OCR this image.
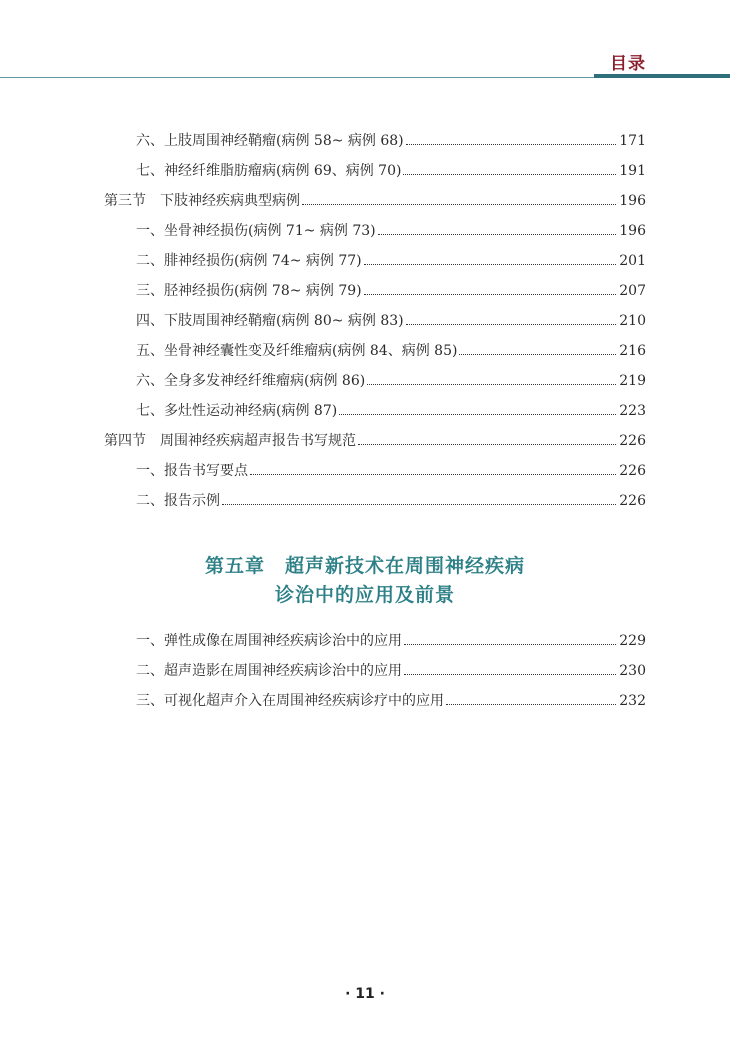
目录
六、上肢周围神经鞘瘤(病例 58~ 病例 68)	171
七、神经纤维脂肪瘤病(病例 69、病例 70)	191
第三节　下肢神经疾病典型病例	196
一、坐骨神经损伤(病例 71~ 病例 73)	196
二、腓神经损伤(病例 74~ 病例 77)	201
三、胫神经损伤(病例 78~ 病例 79)	207
四、下肢周围神经鞘瘤(病例 80~ 病例 83)	210
五、坐骨神经囊性变及纤维瘤病(病例 84、病例 85)	216
六、全身多发神经纤维瘤病(病例 86)	219
七、多灶性运动神经病(病例 87)	223
第四节　周围神经疾病超声报告书写规范	226
一、报告书写要点	226
二、报告示例	226
第五章　超声新技术在周围神经疾病
诊治中的应用及前景
一、弹性成像在周围神经疾病诊治中的应用	229
二、超声造影在周围神经疾病诊治中的应用	230
三、可视化超声介入在周围神经疾病诊疗中的应用	232
· 11 ·
